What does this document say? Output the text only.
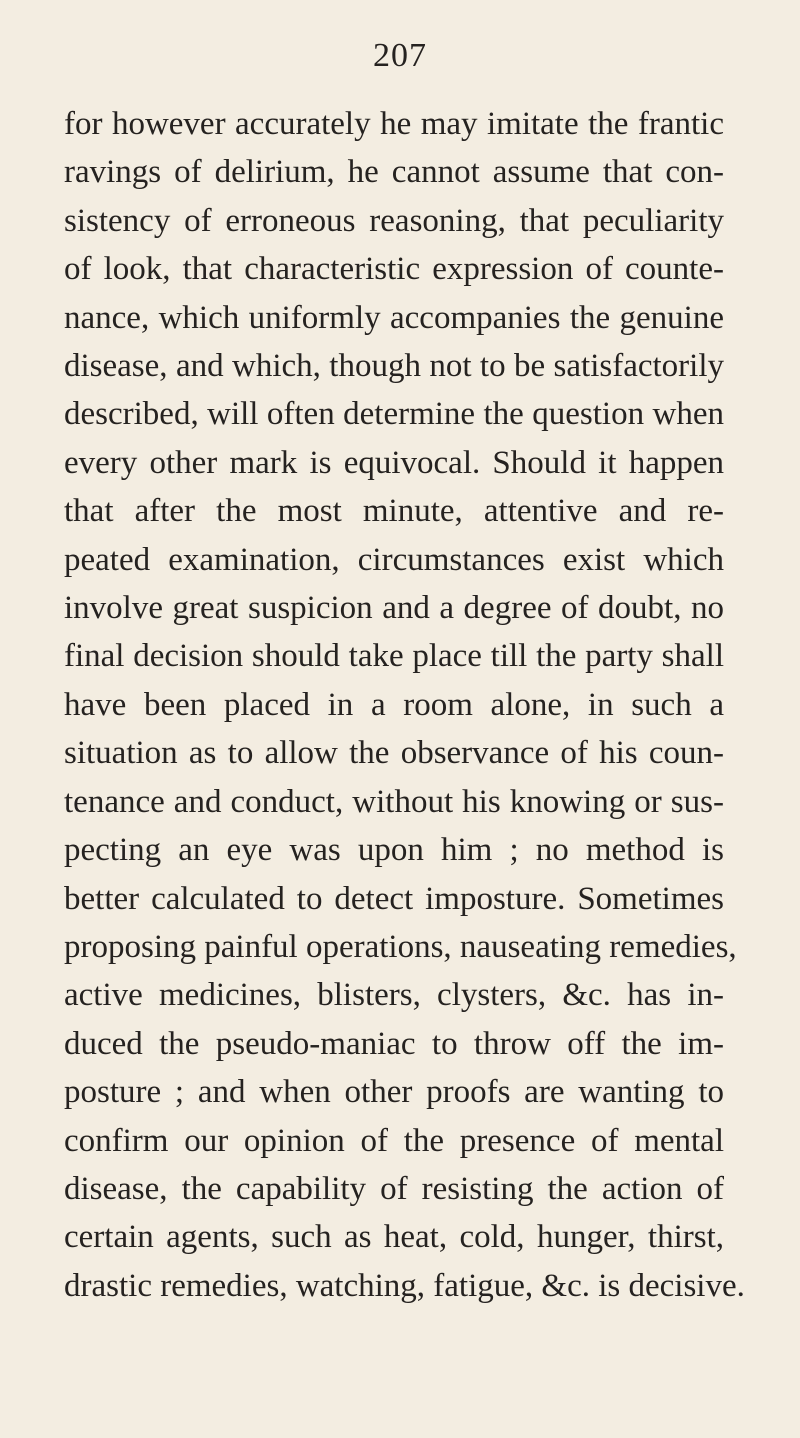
207
for however accurately he may imitate the frantic
ravings of delirium, he cannot assume that con-
sistency of erroneous reasoning, that peculiarity
of look, that characteristic expression of counte-
nance, which uniformly accompanies the genuine
disease, and which, though not to be satisfactorily
described, will often determine the question when
every other mark is equivocal. Should it happen
that after the most minute, attentive and re-
peated examination, circumstances exist which
involve great suspicion and a degree of doubt, no
final decision should take place till the party shall
have been placed in a room alone, in such a
situation as to allow the observance of his coun-
tenance and conduct, without his knowing or sus-
pecting an eye was upon him ; no method is
better calculated to detect imposture. Sometimes
proposing painful operations, nauseating remedies,
active medicines, blisters, clysters, &c. has in-
duced the pseudo-maniac to throw off the im-
posture ; and when other proofs are wanting to
confirm our opinion of the presence of mental
disease, the capability of resisting the action of
certain agents, such as heat, cold, hunger, thirst,
drastic remedies, watching, fatigue, &c. is decisive.
